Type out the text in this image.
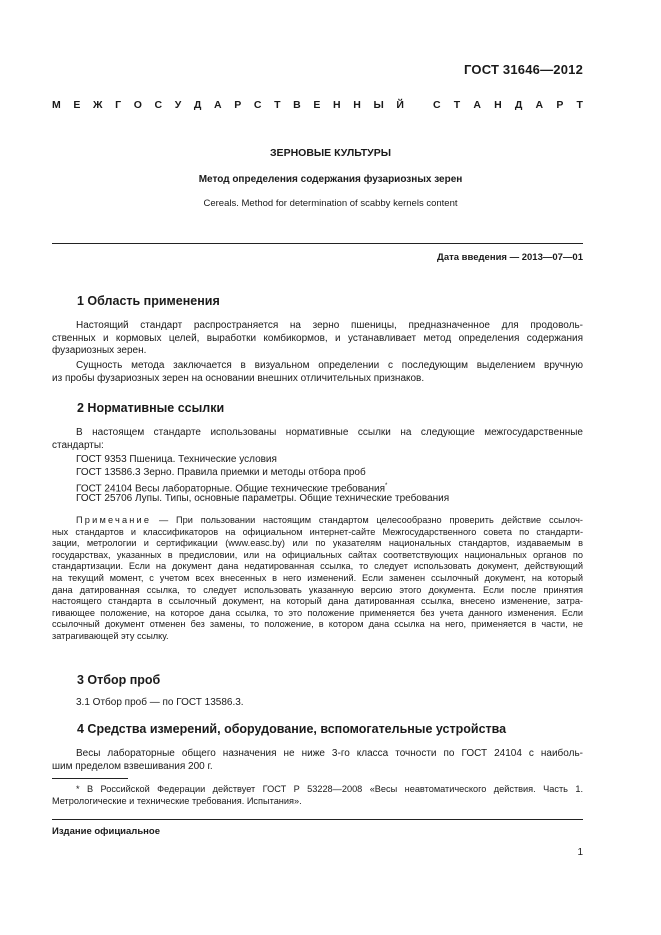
ГОСТ 31646—2012
М Е Ж Г О С У Д А Р С Т В Е Н Н Ы Й	С Т А Н Д А Р Т
ЗЕРНОВЫЕ КУЛЬТУРЫ
Метод определения содержания фузариозных зерен
Cereals. Method for determination of scabby kernels content
Дата введения — 2013—07—01
1 Область применения
Настоящий стандарт распространяется на зерно пшеницы, предназначенное для продоволь-
ственных и кормовых целей, выработки комбикормов, и устанавливает метод определения содержания
фузариозных зерен.
Сущность метода заключается в визуальном определении с последующим выделением вручную
из пробы фузариозных зерен на основании внешних отличительных признаков.
2 Нормативные ссылки
В настоящем стандарте использованы нормативные ссылки на следующие межгосударственные
стандарты:
ГОСТ 9353 Пшеница. Технические условия
ГОСТ 13586.3 Зерно. Правила приемки и методы отбора проб
ГОСТ 24104 Весы лабораторные. Общие технические требования*
ГОСТ 25706 Лупы. Типы, основные параметры. Общие технические требования
Примечание — При пользовании настоящим стандартом целесообразно проверить действие ссылоч-
ных стандартов и классификаторов на официальном интернет-сайте Межгосударственного совета по стандарти-
зации, метрологии и сертификации (www.easc.by) или по указателям национальных стандартов, издаваемым в
государствах, указанных в предисловии, или на официальных сайтах соответствующих национальных органов по
стандартизации. Если на документ дана недатированная ссылка, то следует использовать документ, действующий
на текущий момент, с учетом всех внесенных в него изменений. Если заменен ссылочный документ, на который
дана датированная ссылка, то следует использовать указанную версию этого документа. Если после принятия
настоящего стандарта в ссылочный документ, на который дана датированная ссылка, внесено изменение, затра-
гивающее положение, на которое дана ссылка, то это положение применяется без учета данного изменения. Если
ссылочный документ отменен без замены, то положение, в котором дана ссылка на него, применяется в части, не
затрагивающей эту ссылку.
3 Отбор проб
3.1 Отбор проб — по ГОСТ 13586.3.
4 Средства измерений, оборудование, вспомогательные устройства
Весы лабораторные общего назначения не ниже 3-го класса точности по ГОСТ 24104 с наиболь-
шим пределом взвешивания 200 г.
* В Российской Федерации действует ГОСТ Р 53228—2008 «Весы неавтоматического действия. Часть 1.
Метрологические и технические требования. Испытания».
Издание официальное
1
